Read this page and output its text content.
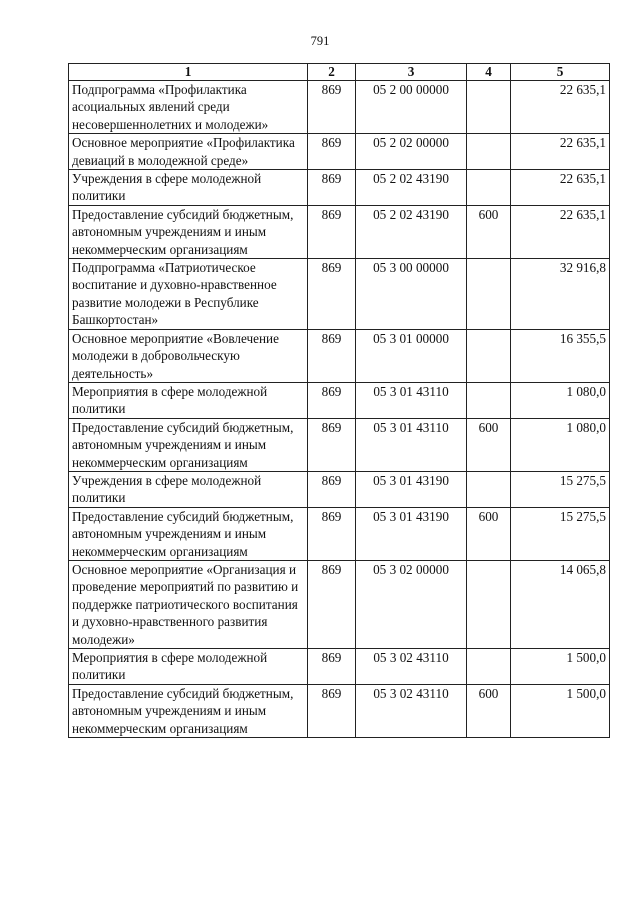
791
1	2	3	4	5
Подпрограмма «Профилактика асоциальных явлений среди несовершеннолетних и молодежи»	869	05 2 00 00000		22 635,1
Основное мероприятие «Профилактика девиаций в молодежной среде»	869	05 2 02 00000		22 635,1
Учреждения в сфере молодежной политики	869	05 2 02 43190		22 635,1
Предоставление субсидий бюджетным, автономным учреждениям и иным некоммерческим организациям	869	05 2 02 43190	600	22 635,1
Подпрограмма «Патриотическое воспитание и духовно-нравственное развитие молодежи в Республике Башкортостан»	869	05 3 00 00000		32 916,8
Основное мероприятие «Вовлечение молодежи в добровольческую деятельность»	869	05 3 01 00000		16 355,5
Мероприятия в сфере молодежной политики	869	05 3 01 43110		1 080,0
Предоставление субсидий бюджетным, автономным учреждениям и иным некоммерческим организациям	869	05 3 01 43110	600	1 080,0
Учреждения в сфере молодежной политики	869	05 3 01 43190		15 275,5
Предоставление субсидий бюджетным, автономным учреждениям и иным некоммерческим организациям	869	05 3 01 43190	600	15 275,5
Основное мероприятие «Организация и проведение мероприятий по развитию и поддержке патриотического воспитания и духовно-нравственного развития молодежи»	869	05 3 02 00000		14 065,8
Мероприятия в сфере молодежной политики	869	05 3 02 43110		1 500,0
Предоставление субсидий бюджетным, автономным учреждениям и иным некоммерческим организациям	869	05 3 02 43110	600	1 500,0
